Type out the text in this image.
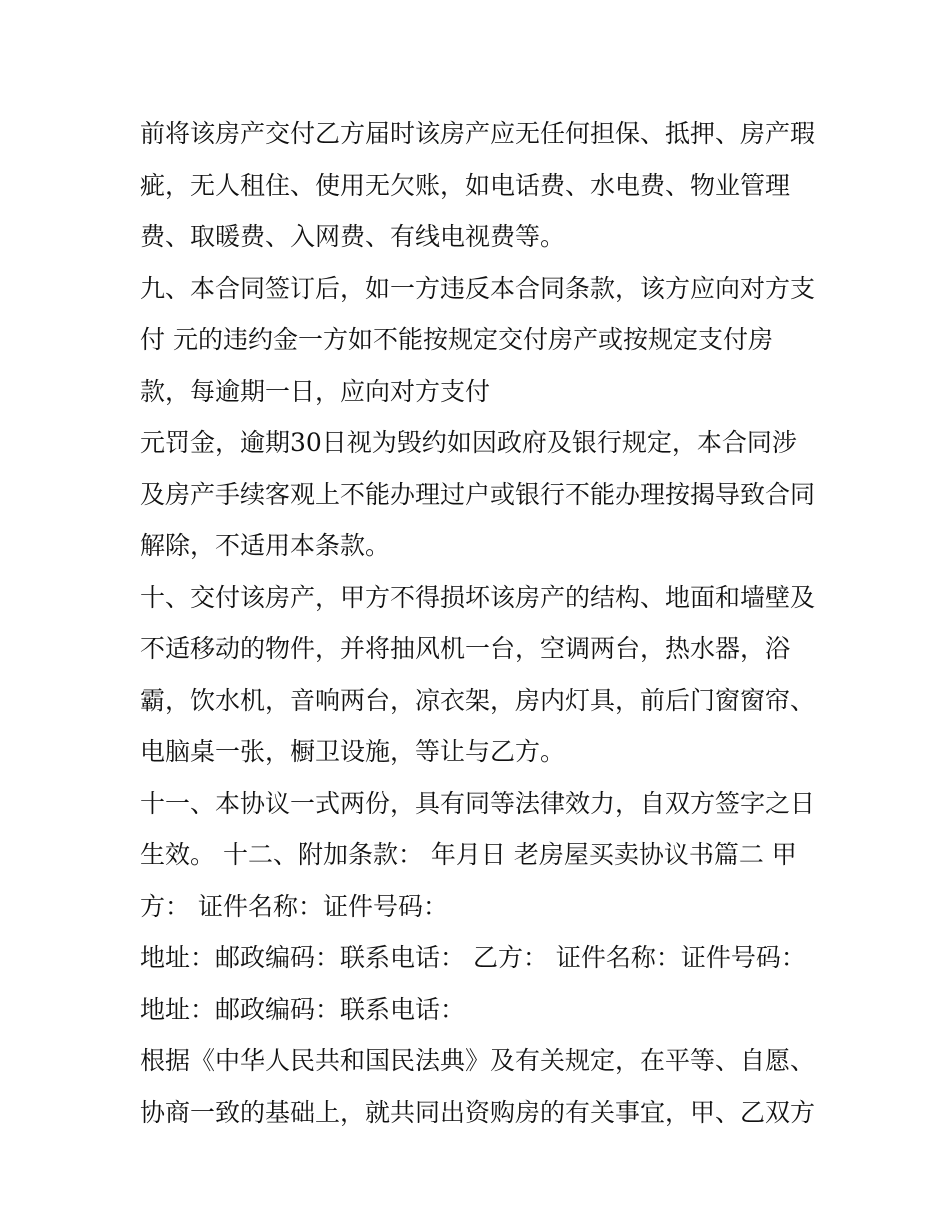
前将该房产交付乙方届时该房产应无任何担保、抵押、房产瑕
疵，无人租住、使用无欠账，如电话费、水电费、物业管理
费、取暖费、入网费、有线电视费等。
九、本合同签订后，如一方违反本合同条款，该方应向对方支
付 元的违约金一方如不能按规定交付房产或按规定支付房
款，每逾期一日，应向对方支付
元罚金，逾期30日视为毁约如因政府及银行规定，本合同涉
及房产手续客观上不能办理过户或银行不能办理按揭导致合同
解除，不适用本条款。
十、交付该房产，甲方不得损坏该房产的结构、地面和墙壁及
不适移动的物件，并将抽风机一台，空调两台，热水器，浴
霸，饮水机，音响两台，凉衣架，房内灯具，前后门窗窗帘、
电脑桌一张，橱卫设施，等让与乙方。
十一、本协议一式两份，具有同等法律效力，自双方签字之日
生效。 十二、附加条款： 年月日 老房屋买卖协议书篇二 甲
方： 证件名称：证件号码：
地址：邮政编码：联系电话： 乙方： 证件名称：证件号码：
地址：邮政编码：联系电话：
根据《中华人民共和国民法典》及有关规定，在平等、自愿、
协商一致的基础上，就共同出资购房的有关事宜，甲、乙双方
